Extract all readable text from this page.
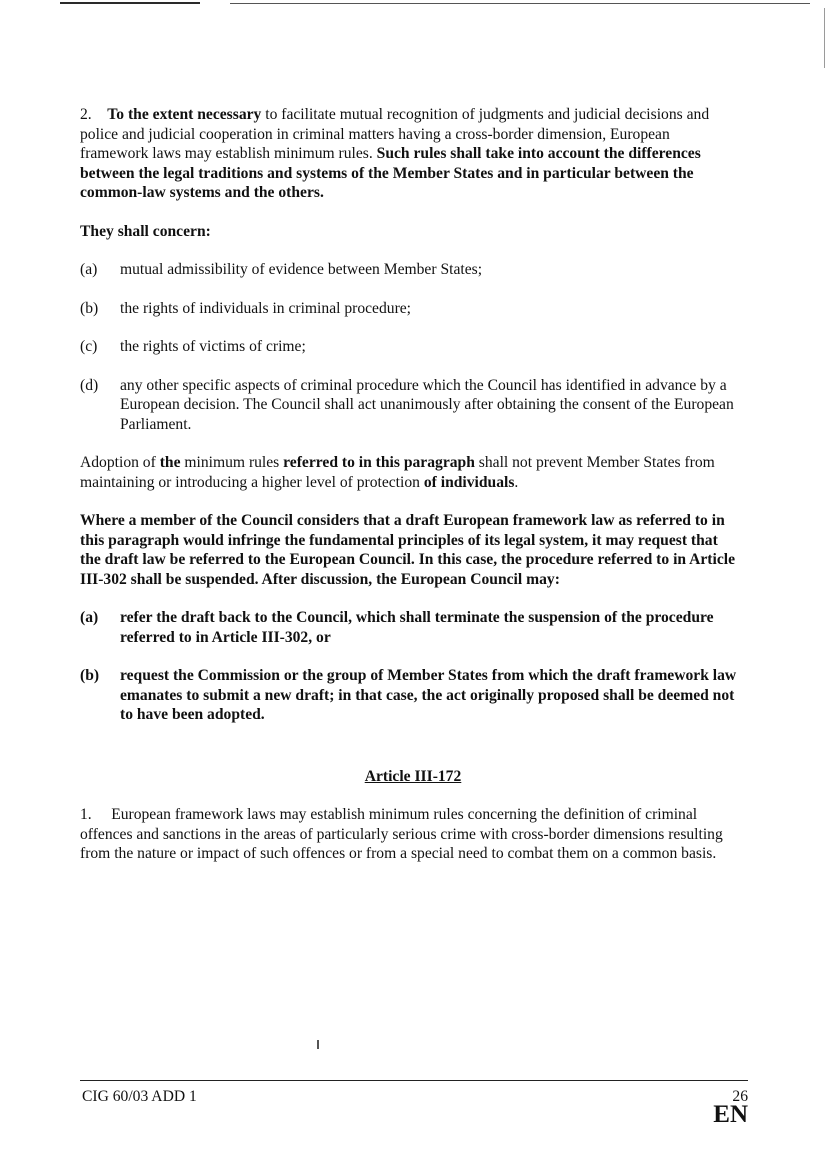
2. To the extent necessary to facilitate mutual recognition of judgments and judicial decisions and police and judicial cooperation in criminal matters having a cross-border dimension, European framework laws may establish minimum rules. Such rules shall take into account the differences between the legal traditions and systems of the Member States and in particular between the common-law systems and the others.

They shall concern:

(a)	mutual admissibility of evidence between Member States;
(b)	the rights of individuals in criminal procedure;
(c)	the rights of victims of crime;
(d)	any other specific aspects of criminal procedure which the Council has identified in advance by a European decision. The Council shall act unanimously after obtaining the consent of the European Parliament.

Adoption of the minimum rules referred to in this paragraph shall not prevent Member States from maintaining or introducing a higher level of protection of individuals.

Where a member of the Council considers that a draft European framework law as referred to in this paragraph would infringe the fundamental principles of its legal system, it may request that the draft law be referred to the European Council. In this case, the procedure referred to in Article III-302 shall be suspended. After discussion, the European Council may:

(a)	refer the draft back to the Council, which shall terminate the suspension of the procedure referred to in Article III-302, or
(b)	request the Commission or the group of Member States from which the draft framework law emanates to submit a new draft; in that case, the act originally proposed shall be deemed not to have been adopted.

Article III-172

1. European framework laws may establish minimum rules concerning the definition of criminal offences and sanctions in the areas of particularly serious crime with cross-border dimensions resulting from the nature or impact of such offences or from a special need to combat them on a common basis.

CIG 60/03 ADD 1	26
EN
